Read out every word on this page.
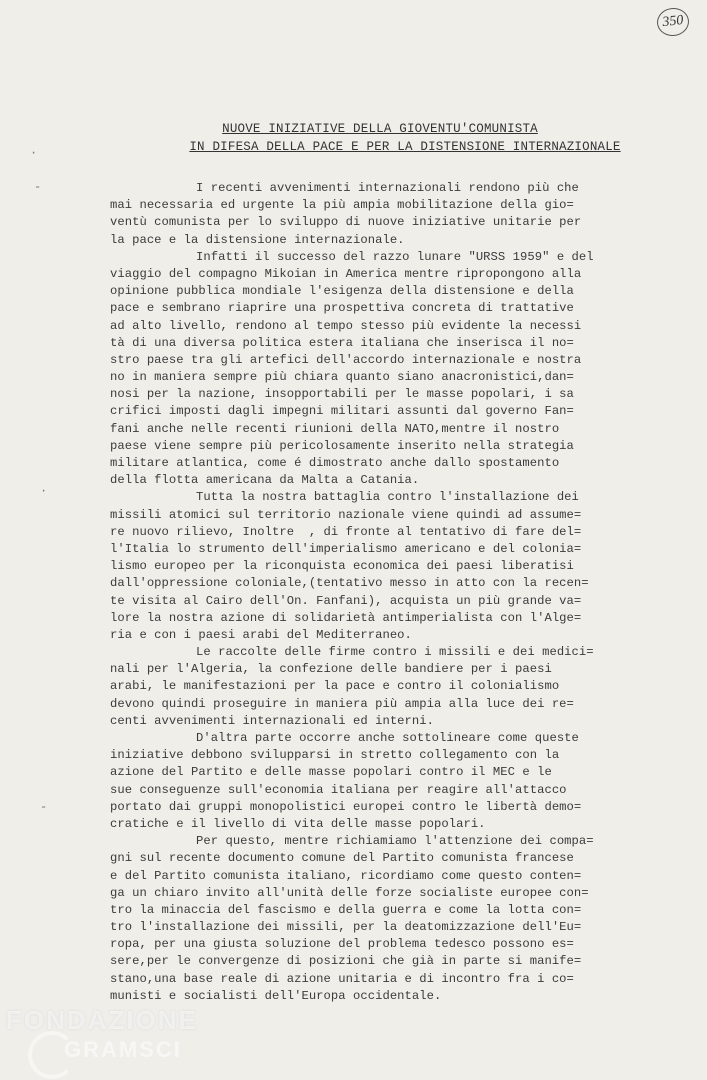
350
·
-
·
-
NUOVE INIZIATIVE DELLA GIOVENTU'COMUNISTA
IN DIFESA DELLA PACE E PER LA DISTENSIONE INTERNAZIONALE
I recenti avvenimenti internazionali rendono più che
mai necessaria ed urgente la più ampia mobilitazione della gio=
ventù comunista per lo sviluppo di nuove iniziative unitarie per
la pace e la distensione internazionale.
Infatti il successo del razzo lunare "URSS 1959" e del
viaggio del compagno Mikoian in America mentre ripropongono alla
opinione pubblica mondiale l'esigenza della distensione e della
pace e sembrano riaprire una prospettiva concreta di trattative
ad alto livello, rendono al tempo stesso più evidente la necessi
tà di una diversa politica estera italiana che inserisca il no=
stro paese tra gli artefici dell'accordo internazionale e nostra
no in maniera sempre più chiara quanto siano anacronistici,dan=
nosi per la nazione, insopportabili per le masse popolari, i sa
crifici imposti dagli impegni militari assunti dal governo Fan=
fani anche nelle recenti riunioni della NATO,mentre il nostro
paese viene sempre più pericolosamente inserito nella strategia
militare atlantica, come é dimostrato anche dallo spostamento
della flotta americana da Malta a Catania.
Tutta la nostra battaglia contro l'installazione dei
missili atomici sul territorio nazionale viene quindi ad assume=
re nuovo rilievo, Inoltre  , di fronte al tentativo di fare del=
l'Italia lo strumento dell'imperialismo americano e del colonia=
lismo europeo per la riconquista economica dei paesi liberatisi
dall'oppressione coloniale,(tentativo messo in atto con la recen=
te visita al Cairo dell'On. Fanfani), acquista un più grande va=
lore la nostra azione di solidarietà antimperialista con l'Alge=
ria e con i paesi arabi del Mediterraneo.
Le raccolte delle firme contro i missili e dei medici=
nali per l'Algeria, la confezione delle bandiere per i paesi
arabi, le manifestazioni per la pace e contro il colonialismo
devono quindi proseguire in maniera più ampia alla luce dei re=
centi avvenimenti internazionali ed interni.
D'altra parte occorre anche sottolineare come queste
iniziative debbono svilupparsi in stretto collegamento con la
azione del Partito e delle masse popolari contro il MEC e le
sue conseguenze sull'economia italiana per reagire all'attacco
portato dai gruppi monopolistici europei contro le libertà demo=
cratiche e il livello di vita delle masse popolari.
Per questo, mentre richiamiamo l'attenzione dei compa=
gni sul recente documento comune del Partito comunista francese
e del Partito comunista italiano, ricordiamo come questo conten=
ga un chiaro invito all'unità delle forze socialiste europee con=
tro la minaccia del fascismo e della guerra e come la lotta con=
tro l'installazione dei missili, per la deatomizzazione dell'Eu=
ropa, per una giusta soluzione del problema tedesco possono es=
sere,per le convergenze di posizioni che già in parte si manife=
stano,una base reale di azione unitaria e di incontro fra i co=
munisti e socialisti dell'Europa occidentale.
FONDAZIONE
GRAMSCI
